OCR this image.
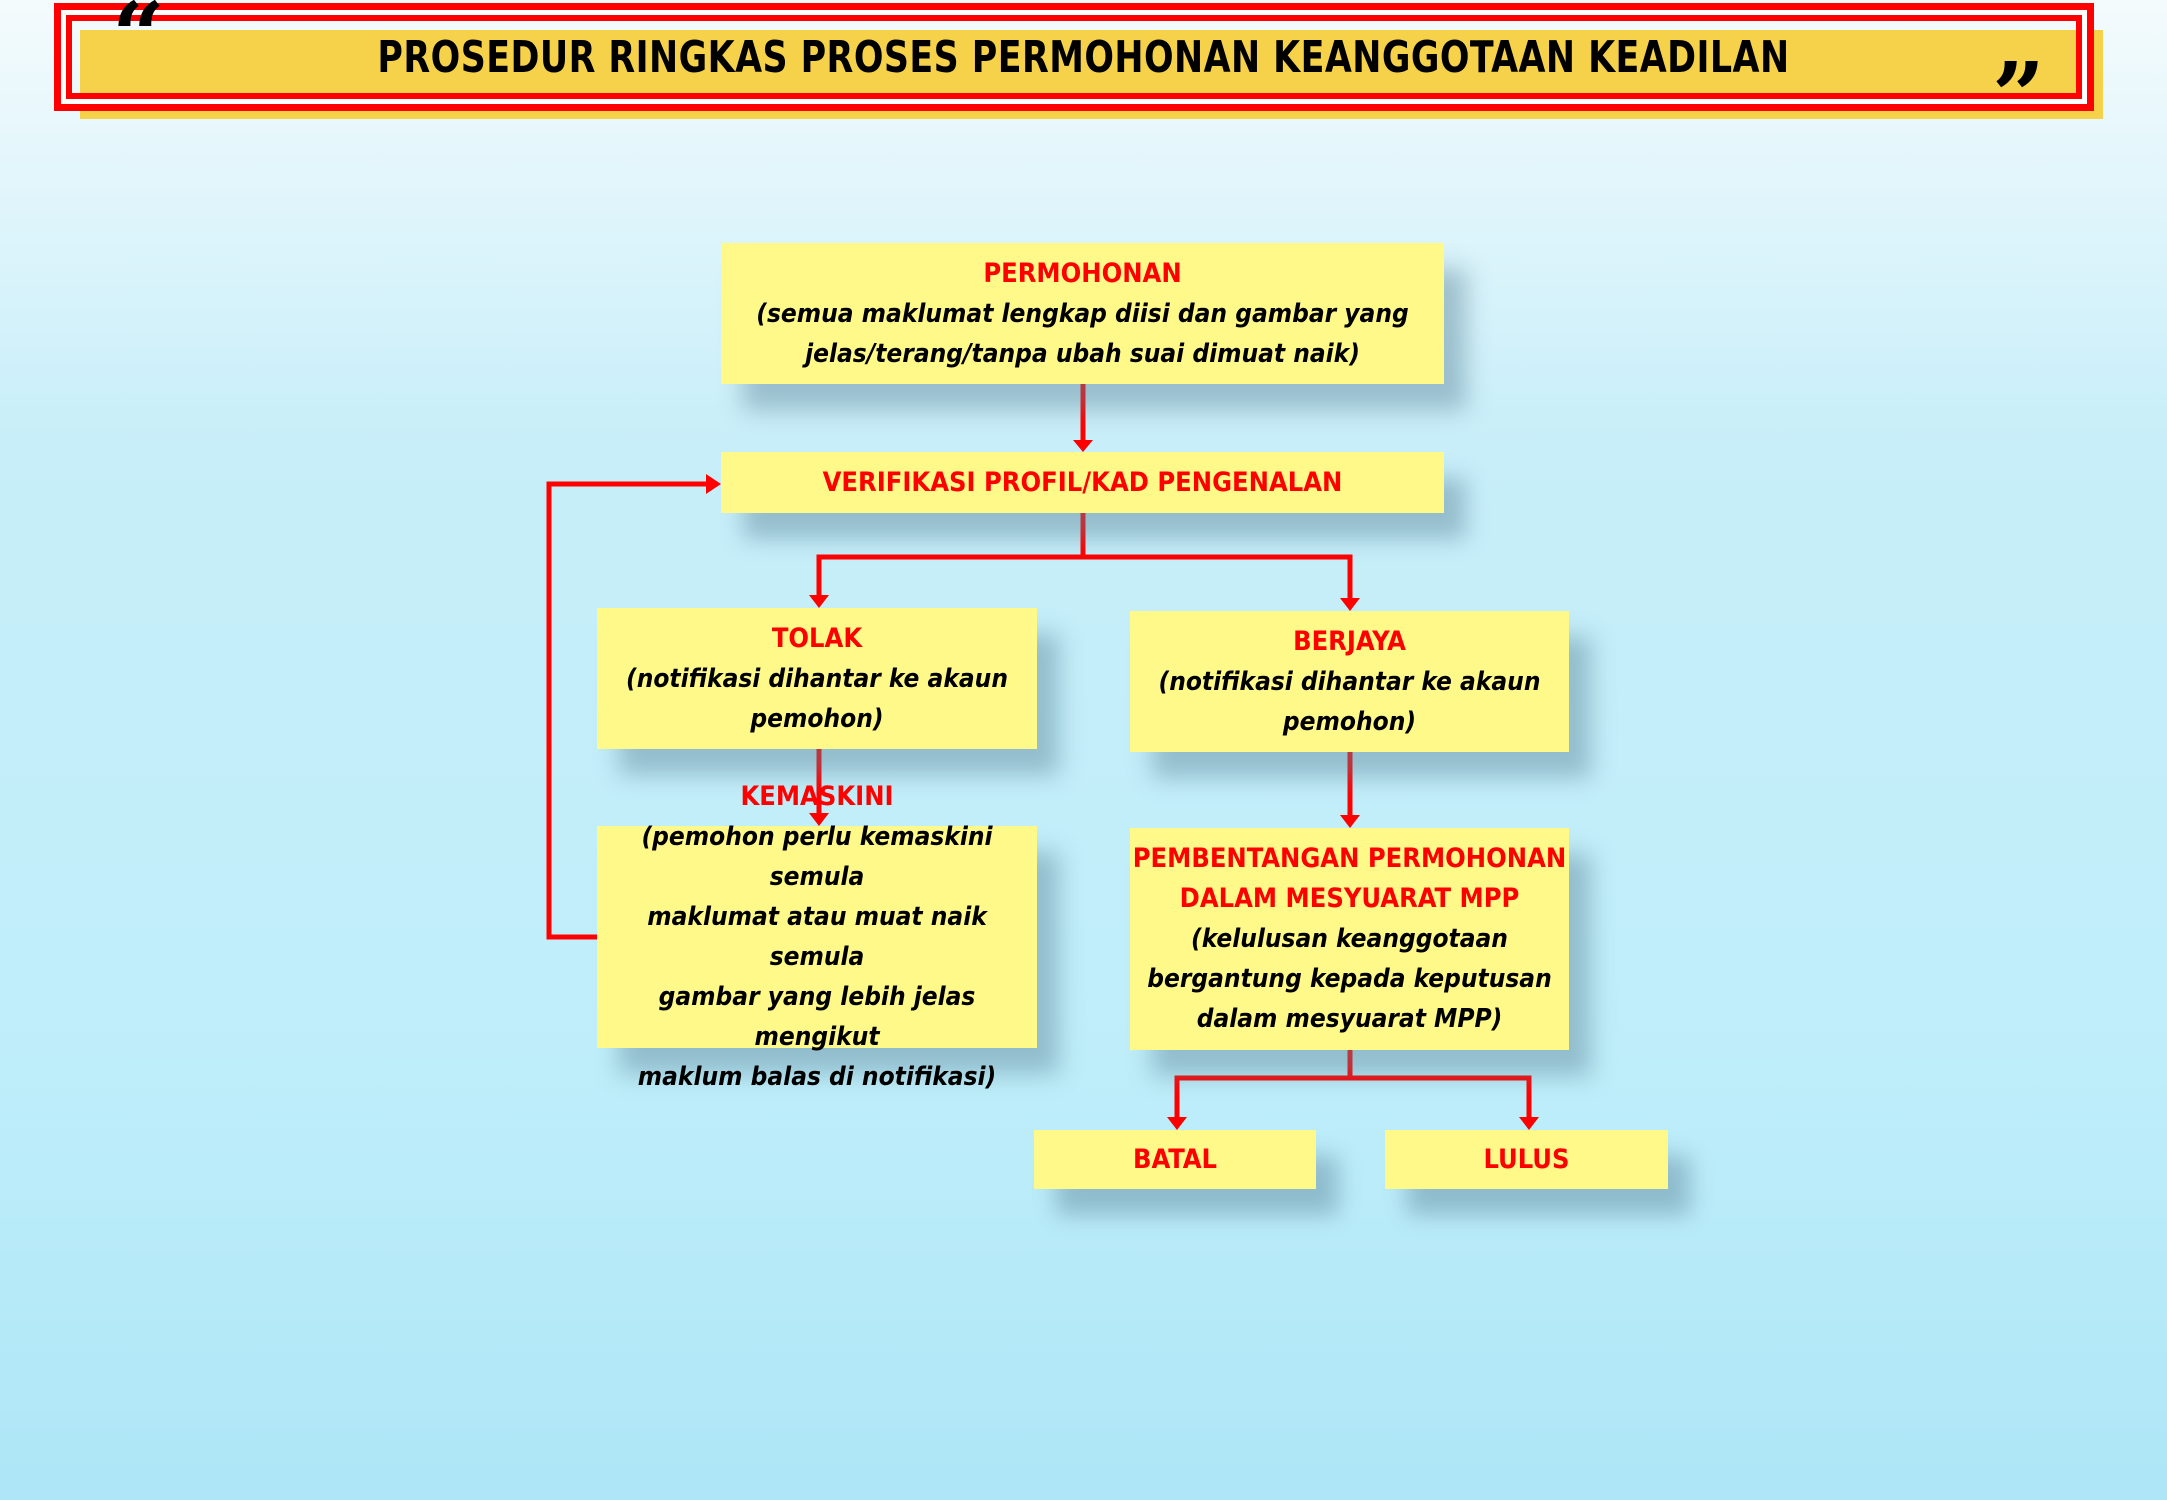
“
”
PROSEDUR RINGKAS PROSES PERMOHONAN KEANGGOTAAN KEADILAN
PERMOHONAN
(semua maklumat lengkap diisi dan gambar yang
jelas/terang/tanpa ubah suai dimuat naik)
VERIFIKASI PROFIL/KAD PENGENALAN
TOLAK
(notifikasi dihantar ke akaun
pemohon)
BERJAYA
(notifikasi dihantar ke akaun
pemohon)
KEMASKINI
(pemohon perlu kemaskini semula
maklumat atau muat naik semula
gambar yang lebih jelas mengikut
maklum balas di notifikasi)
PEMBENTANGAN PERMOHONAN
DALAM MESYUARAT MPP
(kelulusan keanggotaan
bergantung kepada keputusan
dalam mesyuarat MPP)
BATAL	LULUS
